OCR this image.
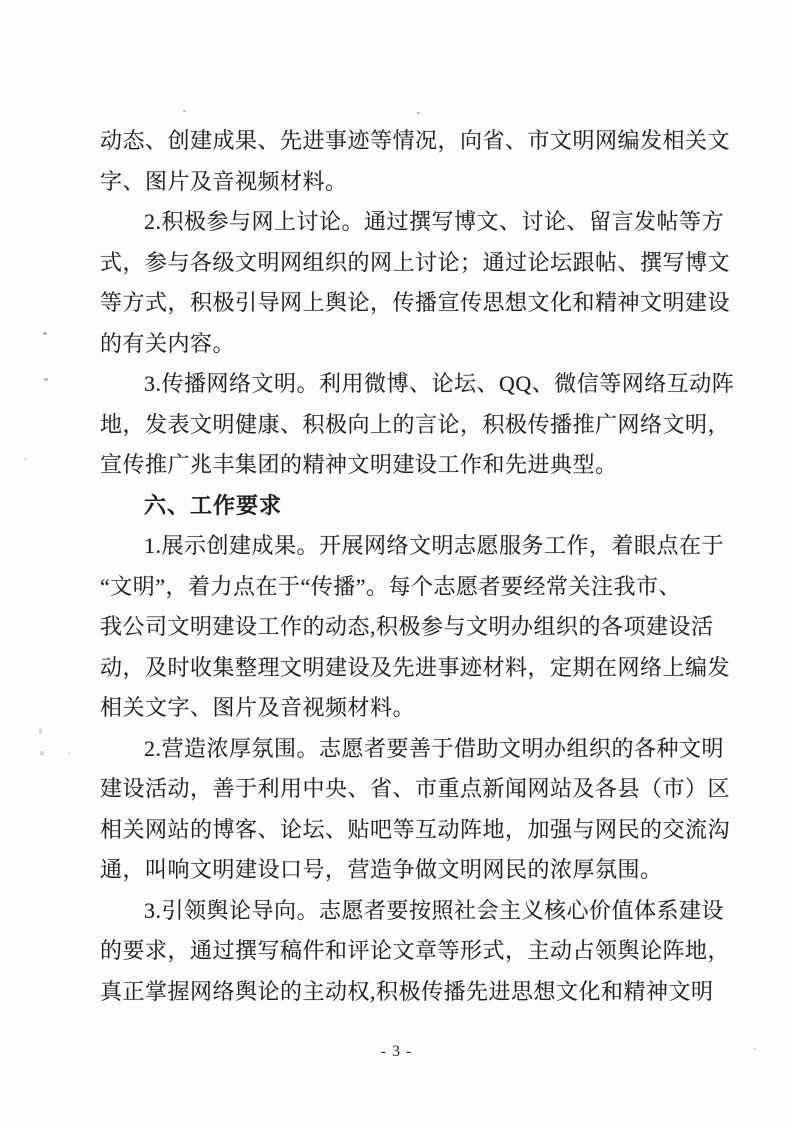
动态、创建成果、先进事迹等情况，向省、市文明网编发相关文
字、图片及音视频材料。
2.积极参与网上讨论。通过撰写博文、讨论、留言发帖等方
式，参与各级文明网组织的网上讨论；通过论坛跟帖、撰写博文
等方式，积极引导网上舆论，传播宣传思想文化和精神文明建设
的有关内容。
3.传播网络文明。利用微博、论坛、QQ、微信等网络互动阵
地，发表文明健康、积极向上的言论，积极传播推广网络文明，
宣传推广兆丰集团的精神文明建设工作和先进典型。
六、工作要求
1.展示创建成果。开展网络文明志愿服务工作，着眼点在于
“文明”，着力点在于“传播”。每个志愿者要经常关注我市、
我公司文明建设工作的动态,积极参与文明办组织的各项建设活
动，及时收集整理文明建设及先进事迹材料，定期在网络上编发
相关文字、图片及音视频材料。
2.营造浓厚氛围。志愿者要善于借助文明办组织的各种文明
建设活动，善于利用中央、省、市重点新闻网站及各县（市）区
相关网站的博客、论坛、贴吧等互动阵地，加强与网民的交流沟
通，叫响文明建设口号，营造争做文明网民的浓厚氛围。
3.引领舆论导向。志愿者要按照社会主义核心价值体系建设
的要求，通过撰写稿件和评论文章等形式，主动占领舆论阵地，
真正掌握网络舆论的主动权,积极传播先进思想文化和精神文明
- 3 -
